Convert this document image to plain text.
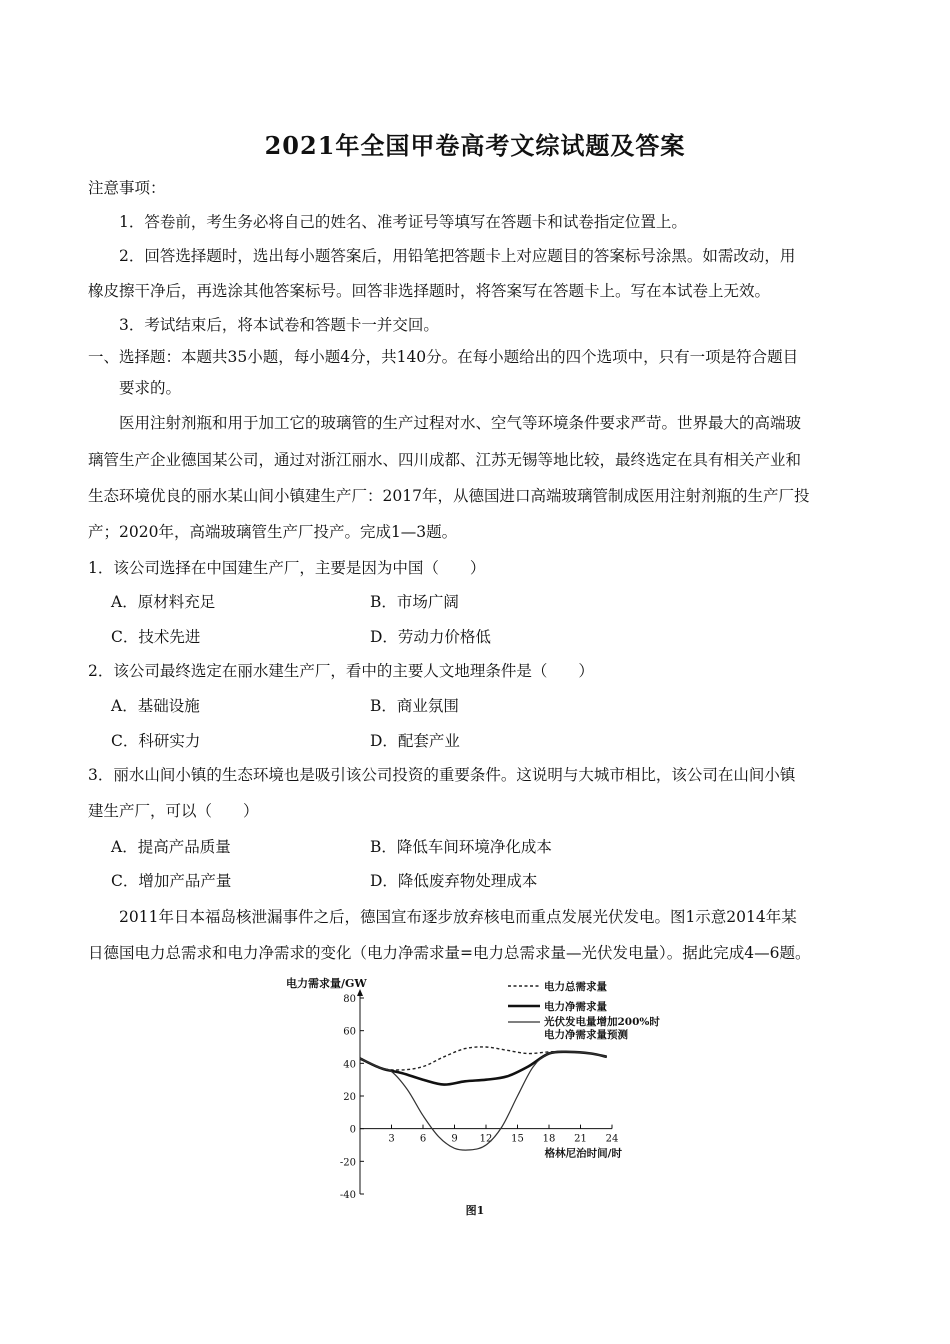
2021年全国甲卷高考文综试题及答案
注意事项：
1．答卷前，考生务必将自己的姓名、准考证号等填写在答题卡和试卷指定位置上。
2．回答选择题时，选出每小题答案后，用铅笔把答题卡上对应题目的答案标号涂黑。如需改动，用
橡皮擦干净后，再选涂其他答案标号。回答非选择题时，将答案写在答题卡上。写在本试卷上无效。
3．考试结束后，将本试卷和答题卡一并交回。
一、选择题：本题共35小题，每小题4分，共140分。在每小题给出的四个选项中，只有一项是符合题目
要求的。
医用注射剂瓶和用于加工它的玻璃管的生产过程对水、空气等环境条件要求严苛。世界最大的高端玻
璃管生产企业德国某公司，通过对浙江丽水、四川成都、江苏无锡等地比较，最终选定在具有相关产业和
生态环境优良的丽水某山间小镇建生产厂：2017年，从德国进口高端玻璃管制成医用注射剂瓶的生产厂投
产；2020年，高端玻璃管生产厂投产。完成1—3题。
1．该公司选择在中国建生产厂，主要是因为中国（　　）
A．原材料充足	B．市场广阔
C．技术先进	D．劳动力价格低
2．该公司最终选定在丽水建生产厂，看中的主要人文地理条件是（　　）
A．基础设施	B．商业氛围
C．科研实力	D．配套产业
3．丽水山间小镇的生态环境也是吸引该公司投资的重要条件。这说明与大城市相比，该公司在山间小镇
建生产厂，可以（　　）
A．提高产品质量	B．降低车间环境净化成本
C．增加产品产量	D．降低废弃物处理成本
2011年日本福岛核泄漏事件之后，德国宣布逐步放弃核电而重点发展光伏发电。图1示意2014年某
日德国电力总需求和电力净需求的变化（电力净需求量=电力总需求量—光伏发电量）。据此完成4—6题。
-40
-20
0
20
40
60
80
3	6	9 12 15 18 21 24
电力需求量/GW
格林尼治时间/时
图1
电力总需求量
电力净需求量
光伏发电量增加200%时
电力净需求量预测
